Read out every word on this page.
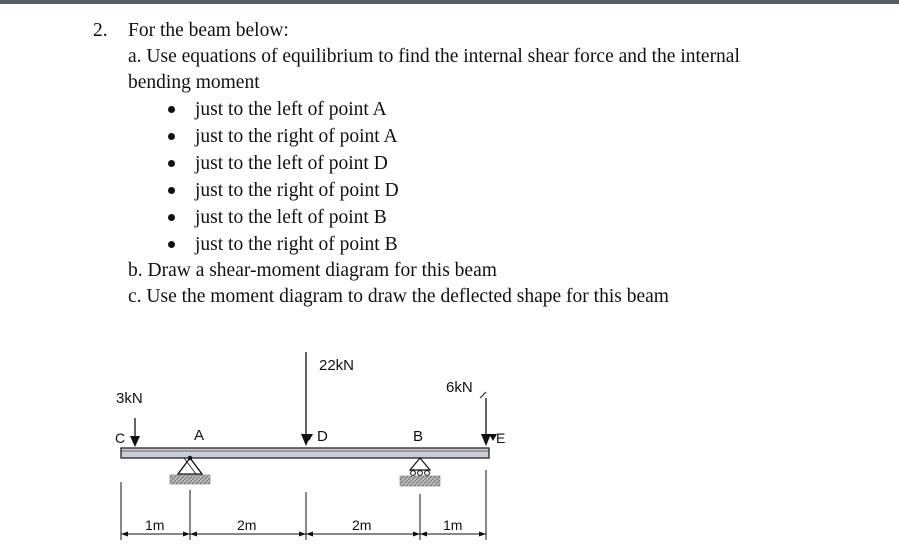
2. For the beam below:
a. Use equations of equilibrium to find the internal shear force and the internal
bending moment
just to the left of point A
just to the right of point A
just to the left of point D
just to the right of point D
just to the left of point B
just to the right of point B
b. Draw a shear-moment diagram for this beam
c. Use the moment diagram to draw the deflected shape for this beam
3kN
C	A
22kN
D	B
6kN
E
1m	2m	2m	1m
